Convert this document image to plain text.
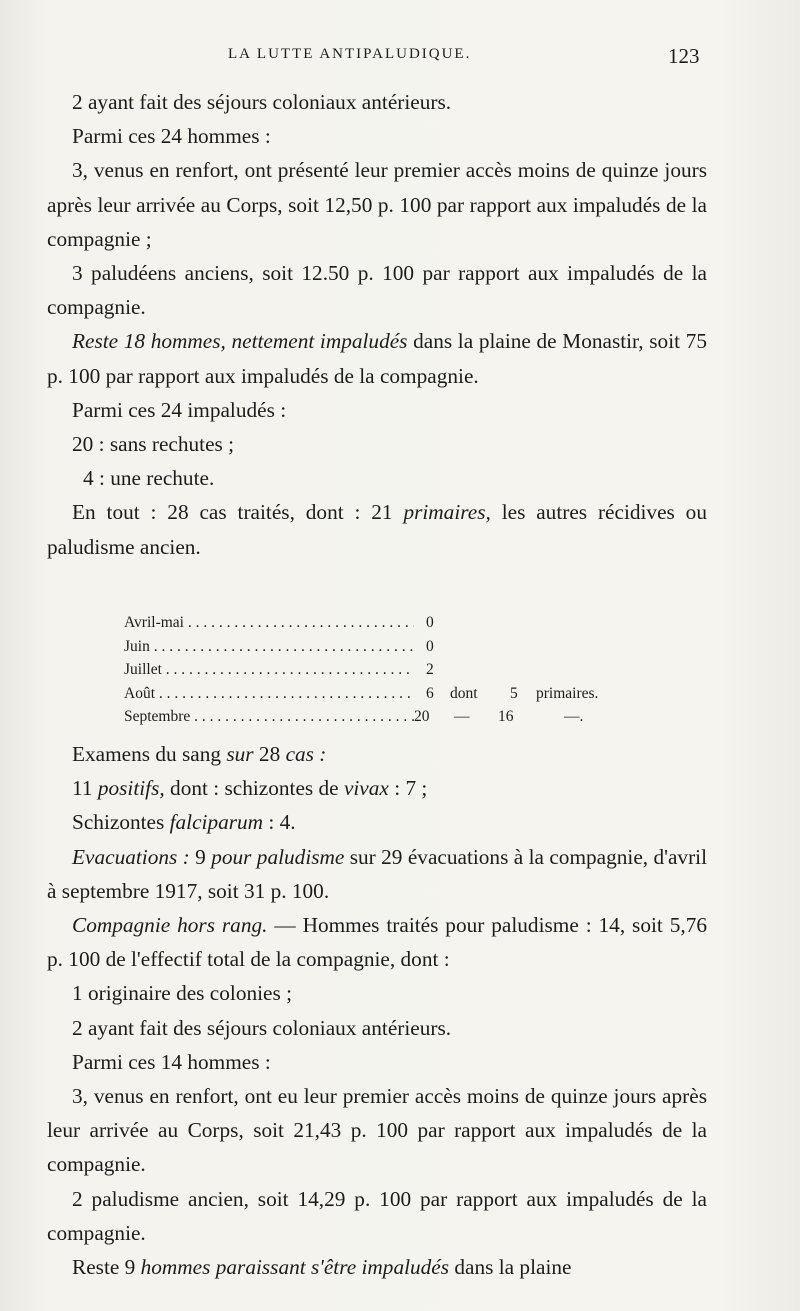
LA LUTTE ANTIPALUDIQUE.	123

2 ayant fait des séjours coloniaux antérieurs.

Parmi ces 24 hommes :

3, venus en renfort, ont présenté leur premier accès moins de quinze jours après leur arrivée au Corps, soit 12,50 p. 100 par rapport aux impaludés de la compagnie ;

3 paludéens anciens, soit 12.50 p. 100 par rapport aux impaludés de la compagnie.

Reste 18 hommes, nettement impaludés dans la plaine de Monastir, soit 75 p. 100 par rapport aux impaludés de la compagnie.

Parmi ces 24 impaludés :

20 : sans rechutes ;

4 : une rechute.

En tout : 28 cas traités, dont : 21 primaires, les autres récidives ou paludisme ancien.

Avril-mai . . .	0
Juin . . .	0
Juillet . . .	2
Août . . .	6 dont 5 primaires.
Septembre . . .	20 — 16	—.

Examens du sang sur 28 cas :

11 positifs, dont : schizontes de vivax : 7 ;

Schizontes falciparum : 4.

Evacuations : 9 pour paludisme sur 29 évacuations à la compagnie, d'avril à septembre 1917, soit 31 p. 100.

Compagnie hors rang. — Hommes traités pour paludisme : 14, soit 5,76 p. 100 de l'effectif total de la compagnie, dont :

1 originaire des colonies ;

2 ayant fait des séjours coloniaux antérieurs.

Parmi ces 14 hommes :

3, venus en renfort, ont eu leur premier accès moins de quinze jours après leur arrivée au Corps, soit 21,43 p. 100 par rapport aux impaludés de la compagnie.

2 paludisme ancien, soit 14,29 p. 100 par rapport aux impaludés de la compagnie.

Reste 9 hommes paraissant s'être impaludés dans la plaine
